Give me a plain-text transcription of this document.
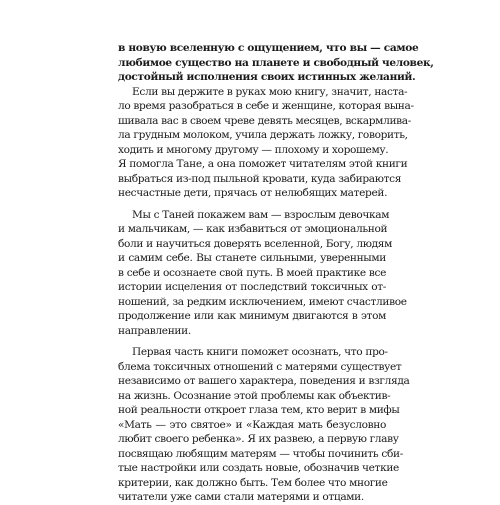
в новую вселенную с ощущением, что вы — самое
любимое существо на планете и свободный человек,
достойный исполнения своих истинных желаний.
Если вы держите в руках мою книгу, значит, наста-
ло время разобраться в себе и женщине, которая вына-
шивала вас в своем чреве девять месяцев, вскармлива-
ла грудным молоком, учила держать ложку, говорить,
ходить и многому другому — плохому и хорошему.
Я помогла Тане, а она поможет читателям этой книги
выбраться из-под пыльной кровати, куда забираются
несчастные дети, прячась от нелюбящих матерей.
Мы с Таней покажем вам — взрослым девочкам
и мальчикам, — как избавиться от эмоциональной
боли и научиться доверять вселенной, Богу, людям
и самим себе. Вы станете сильными, уверенными
в себе и осознаете свой путь. В моей практике все
истории исцеления от последствий токсичных от-
ношений, за редким исключением, имеют счастливое
продолжение или как минимум двигаются в этом
направлении.
Первая часть книги поможет осознать, что про-
блема токсичных отношений с матерями существует
независимо от вашего характера, поведения и взгляда
на жизнь. Осознание этой проблемы как объектив-
ной реальности откроет глаза тем, кто верит в мифы
«Мать — это святое» и «Каждая мать безусловно
любит своего ребенка». Я их развею, а первую главу
посвящаю любящим матерям — чтобы починить сби-
тые настройки или создать новые, обозначив четкие
критерии, как должно быть. Тем более что многие
читатели уже сами стали матерями и отцами.
